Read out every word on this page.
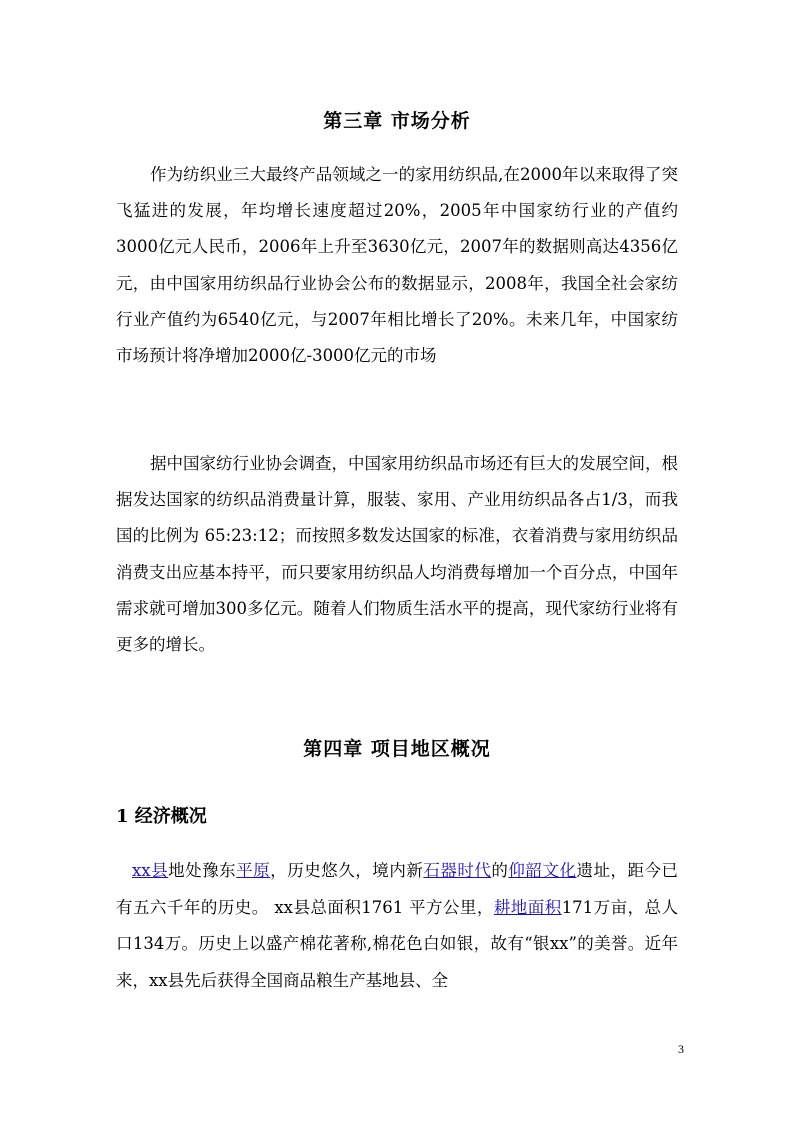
第三章 市场分析
作为纺织业三大最终产品领域之一的家用纺织品,在2000年以来取得了突飞猛进的发展，年均增长速度超过20%，2005年中国家纺行业的产值约3000亿元人民币，2006年上升至3630亿元，2007年的数据则高达4356亿元，由中国家用纺织品行业协会公布的数据显示，2008年，我国全社会家纺行业产值约为6540亿元，与2007年相比增长了20%。未来几年，中国家纺市场预计将净增加2000亿-3000亿元的市场
据中国家纺行业协会调查，中国家用纺织品市场还有巨大的发展空间，根据发达国家的纺织品消费量计算，服装、家用、产业用纺织品各占1/3，而我国的比例为 65:23:12；而按照多数发达国家的标准，衣着消费与家用纺织品消费支出应基本持平，而只要家用纺织品人均消费每增加一个百分点，中国年需求就可增加300多亿元。随着人们物质生活水平的提高，现代家纺行业将有更多的增长。
第四章 项目地区概况
1 经济概况
xx县地处豫东平原，历史悠久，境内新石器时代的仰韶文化遗址，距今已有五六千年的历史。 xx县总面积1761 平方公里，耕地面积171万亩，总人口134万。历史上以盛产棉花著称,棉花色白如银，故有“银xx”的美誉。近年来，xx县先后获得全国商品粮生产基地县、全
3
